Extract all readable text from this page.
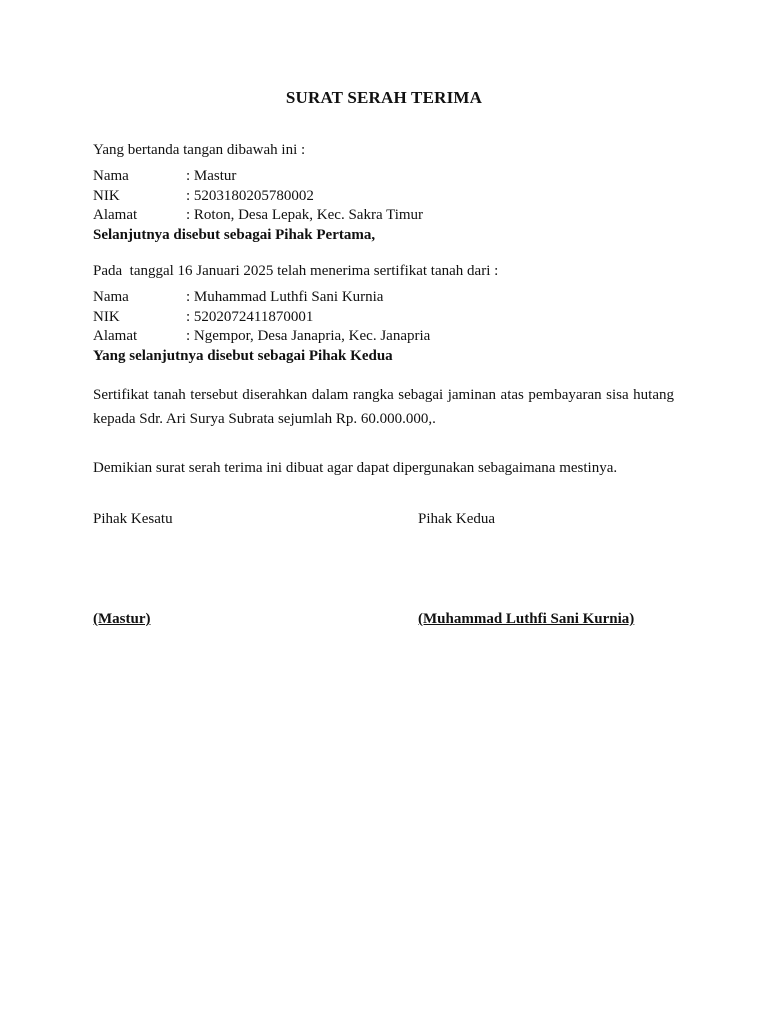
SURAT SERAH TERIMA
Yang bertanda tangan dibawah ini :
Nama	: Mastur
NIK	: 5203180205780002
Alamat	: Roton, Desa Lepak, Kec. Sakra Timur
Selanjutnya disebut sebagai Pihak Pertama,
Pada  tanggal 16 Januari 2025 telah menerima sertifikat tanah dari :
Nama	: Muhammad Luthfi Sani Kurnia
NIK	: 5202072411870001
Alamat	: Ngempor, Desa Janapria, Kec. Janapria
Yang selanjutnya disebut sebagai Pihak Kedua
Sertifikat tanah tersebut diserahkan dalam rangka sebagai jaminan atas pembayaran sisa hutang kepada Sdr. Ari Surya Subrata sejumlah Rp. 60.000.000,.
Demikian surat serah terima ini dibuat agar dapat dipergunakan sebagaimana mestinya.
Pihak Kesatu	Pihak Kedua
(Mastur)	(Muhammad Luthfi Sani Kurnia)
